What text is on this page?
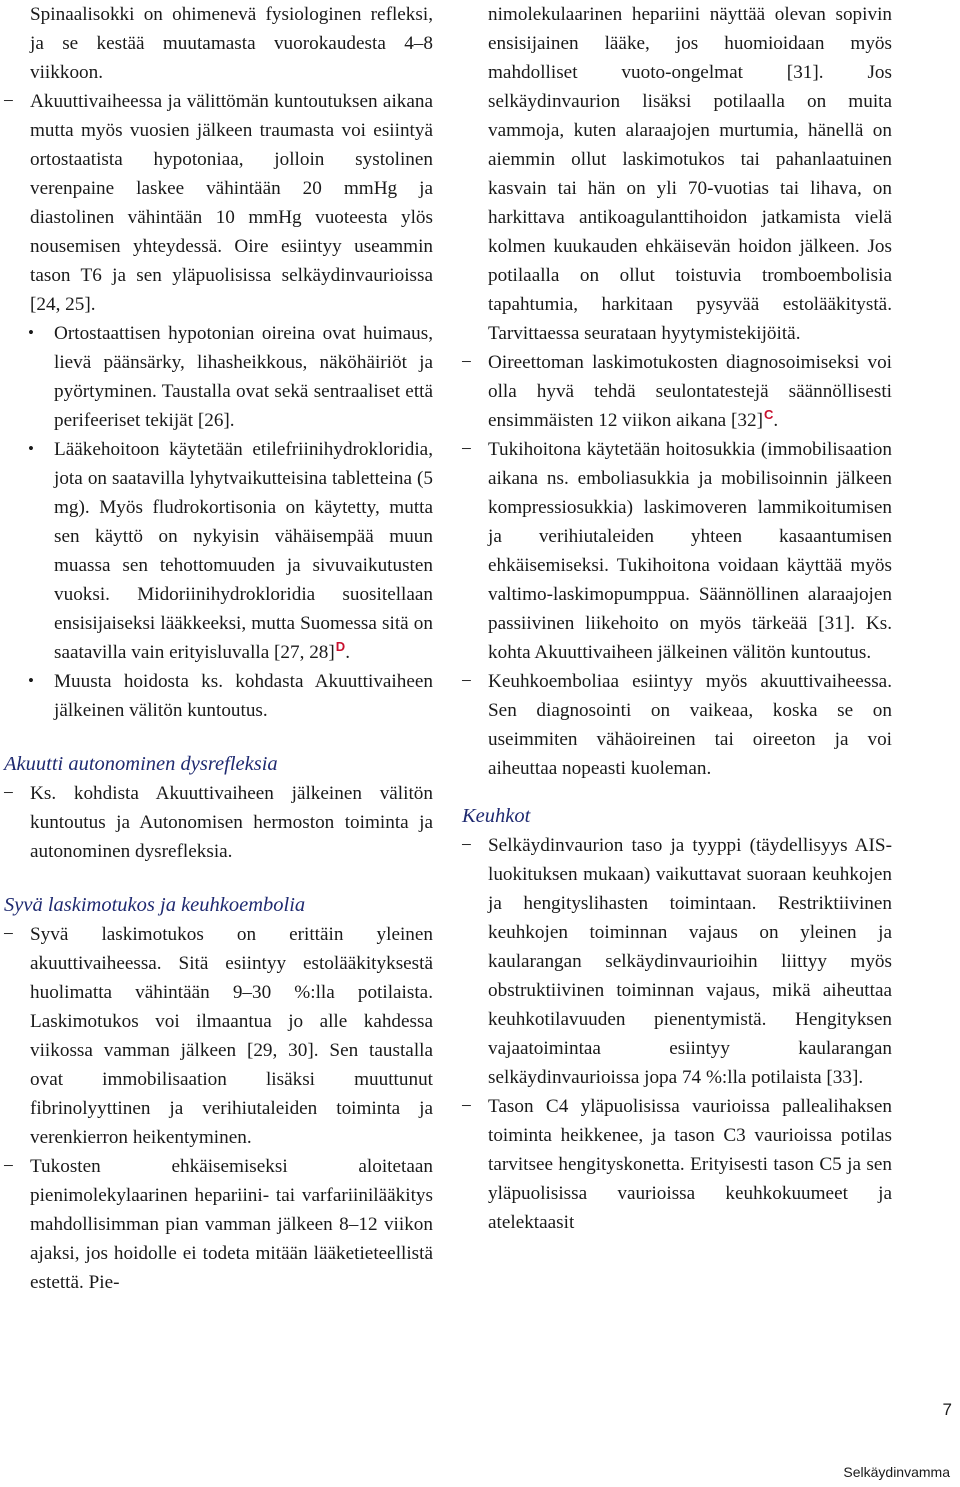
Spinaalisokki on ohimenevä fysiologinen refleksi, ja se kestää muutamasta vuorokaudesta 4–8 viikkoon.

− Akuuttivaiheessa ja välittömän kuntoutuksen aikana mutta myös vuosien jälkeen traumasta voi esiintyä ortostaatista hypotoniaa, jolloin systolinen verenpaine laskee vähintään 20 mmHg ja diastolinen vähintään 10 mmHg vuoteesta ylös nousemisen yhteydessä. Oire esiintyy useammin tason T6 ja sen yläpuolisissa selkäydinvaurioissa [24, 25].
• Ortostaattisen hypotonian oireina ovat huimaus, lievä päänsärky, lihasheikkous, näköhäiriöt ja pyörtyminen. Taustalla ovat sekä sentraaliset että perifeeriset tekijät [26].
• Lääkehoitoon käytetään etilefriinihydrokloridia, jota on saatavilla lyhytvaikutteisina tabletteina (5 mg). Myös fludrokortisonia on käytetty, mutta sen käyttö on nykyisin vähäisempää muun muassa sen tehottomuuden ja sivuvaikutusten vuoksi. Midoriinihydrokloridia suositellaan ensisijaiseksi lääkkeeksi, mutta Suomessa sitä on saatavilla vain erityisluvalla [27, 28]$^D$.
• Muusta hoidosta ks. kohdasta Akuuttivaiheen jälkeinen välitön kuntoutus.
Akuutti autonominen dysrefleksia
− Ks. kohdista Akuuttivaiheen jälkeinen välitön kuntoutus ja Autonomisen hermoston toiminta ja autonominen dysrefleksia.
Syvä laskimotukos ja keuhkoembolia
− Syvä laskimotukos on erittäin yleinen akuuttivaiheessa. Sitä esiintyy estolääkityksestä huolimatta vähintään 9–30 %:lla potilaista. Laskimotukos voi ilmaantua jo alle kahdessa viikossa vamman jälkeen [29, 30]. Sen taustalla ovat immobilisaation lisäksi muuttunut fibrinolyyttinen ja verihiutaleiden toiminta ja verenkierron heikentyminen.
− Tukosten ehkäisemiseksi aloitetaan pienimolekylaarinen hepariini- tai varfariinilääkitys mahdollisimman pian vamman jälkeen 8–12 viikon ajaksi, jos hoidolle ei todeta mitään lääketieteellistä estettä. Pie-

nimolekulaarinen hepariini näyttää olevan sopivin ensisijainen lääke, jos huomioidaan myös mahdolliset vuoto-ongelmat [31]. Jos selkäydinvaurion lisäksi potilaalla on muita vammoja, kuten alaraajojen murtumia, hänellä on aiemmin ollut laskimotukos tai pahanlaatuinen kasvain tai hän on yli 70-vuotias tai lihava, on harkittava antikoagulanttihoidon jatkamista vielä kolmen kuukauden ehkäisevän hoidon jälkeen. Jos potilaalla on ollut toistuvia tromboembolisia tapahtumia, harkitaan pysyvää estolääkitystä. Tarvittaessa seurataan hyytymistekijöitä.

− Oireettoman laskimotukosten diagnosoimiseksi voi olla hyvä tehdä seulontatestejä säännöllisesti ensimmäisten 12 viikon aikana $[32]^C$.
− Tukihoitona käytetään hoitosukkia (immobilisaation aikana ns. emboliasukkia ja mobilisoinnin jälkeen kompressiosukkia) laskimoveren lammikoitumisen ja verihiutaleiden yhteen kasaantumisen ehkäisemiseksi. Tukihoitona voidaan käyttää myös valtimo-laskimopumppua. Säännöllinen alaraajojen passiivinen liikehoito on myös tärkeää [31]. Ks. kohta Akuuttivaiheen jälkeinen välitön kuntoutus.
− Keuhkoemboliaa esiintyy myös akuuttivaiheessa. Sen diagnosointi on vaikeaa, koska se on useimmiten vähäoireinen tai oireeton ja voi aiheuttaa nopeasti kuoleman.
Keuhkot
− Selkäydinvaurion taso ja tyyppi (täydellisyys AIS-luokituksen mukaan) vaikuttavat suoraan keuhkojen ja hengityslihasten toimintaan. Restriktiivinen keuhkojen toiminnan vajaus on yleinen ja kaularangan selkäydinvaurioihin liittyy myös obstruktiivinen toiminnan vajaus, mikä aiheuttaa keuhkotilavuuden pienentymistä. Hengityksen vajaatoimintaa esiintyy kaularangan selkäydinvaurioissa jopa 74 %:lla potilaista [33].
− Tason C4 yläpuolisissa vaurioissa pallealihaksen toiminta heikkenee, ja tason C3 vaurioissa potilas tarvitsee hengityskonetta. Erityisesti tason C5 ja sen yläpuolisissa vaurioissa keuhkokuumeet ja atelektaasit
7
Selkäydinvamma
